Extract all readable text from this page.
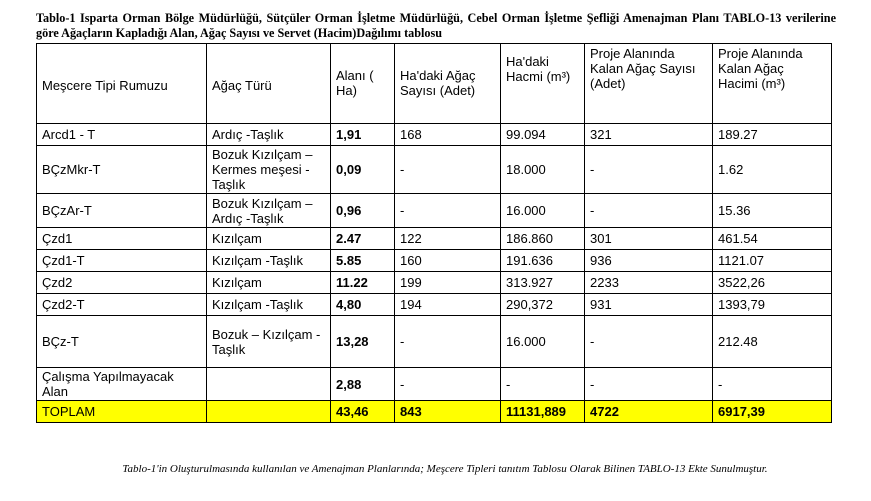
Tablo-1 Isparta Orman Bölge Müdürlüğü, Sütçüler Orman İşletme Müdürlüğü, Cebel Orman İşletme Şefliği Amenajman Planı TABLO-13 verilerine göre Ağaçların Kapladığı Alan, Ağaç Sayısı ve Servet (Hacim)Dağılımı tablosu
Meşcere Tipi Rumuzu	Ağaç Türü	Alanı ( Ha)	Ha'daki Ağaç Sayısı (Adet)	Ha'daki Hacmi (m³)	Proje Alanında Kalan Ağaç Sayısı (Adet)	Proje Alanında Kalan Ağaç Hacimi (m³)
Arcd1 - T	Ardıç -Taşlık	1,91	168	99.094	321	189.27
BÇzMkr-T	Bozuk Kızılçam –Kermes meşesi -Taşlık	0,09	-	18.000	-	1.62
BÇzAr-T	Bozuk Kızılçam – Ardıç -Taşlık	0,96	-	16.000	-	15.36
Çzd1	Kızılçam	2.47	122	186.860	301	461.54
Çzd1-T	Kızılçam -Taşlık	5.85	160	191.636	936	1121.07
Çzd2	Kızılçam	11.22	199	313.927	2233	3522,26
Çzd2-T	Kızılçam -Taşlık	4,80	194	290,372	931	1393,79
BÇz-T	Bozuk – Kızılçam - Taşlık	13,28	-	16.000	-	212.48
Çalışma Yapılmayacak Alan		2,88	-	-	-	-
TOPLAM		43,46	843	11131,889	4722	6917,39
Tablo-1'in Oluşturulmasında kullanılan ve Amenajman Planlarında; Meşcere Tipleri tanıtım Tablosu Olarak Bilinen TABLO-13 Ekte Sunulmuştur.
